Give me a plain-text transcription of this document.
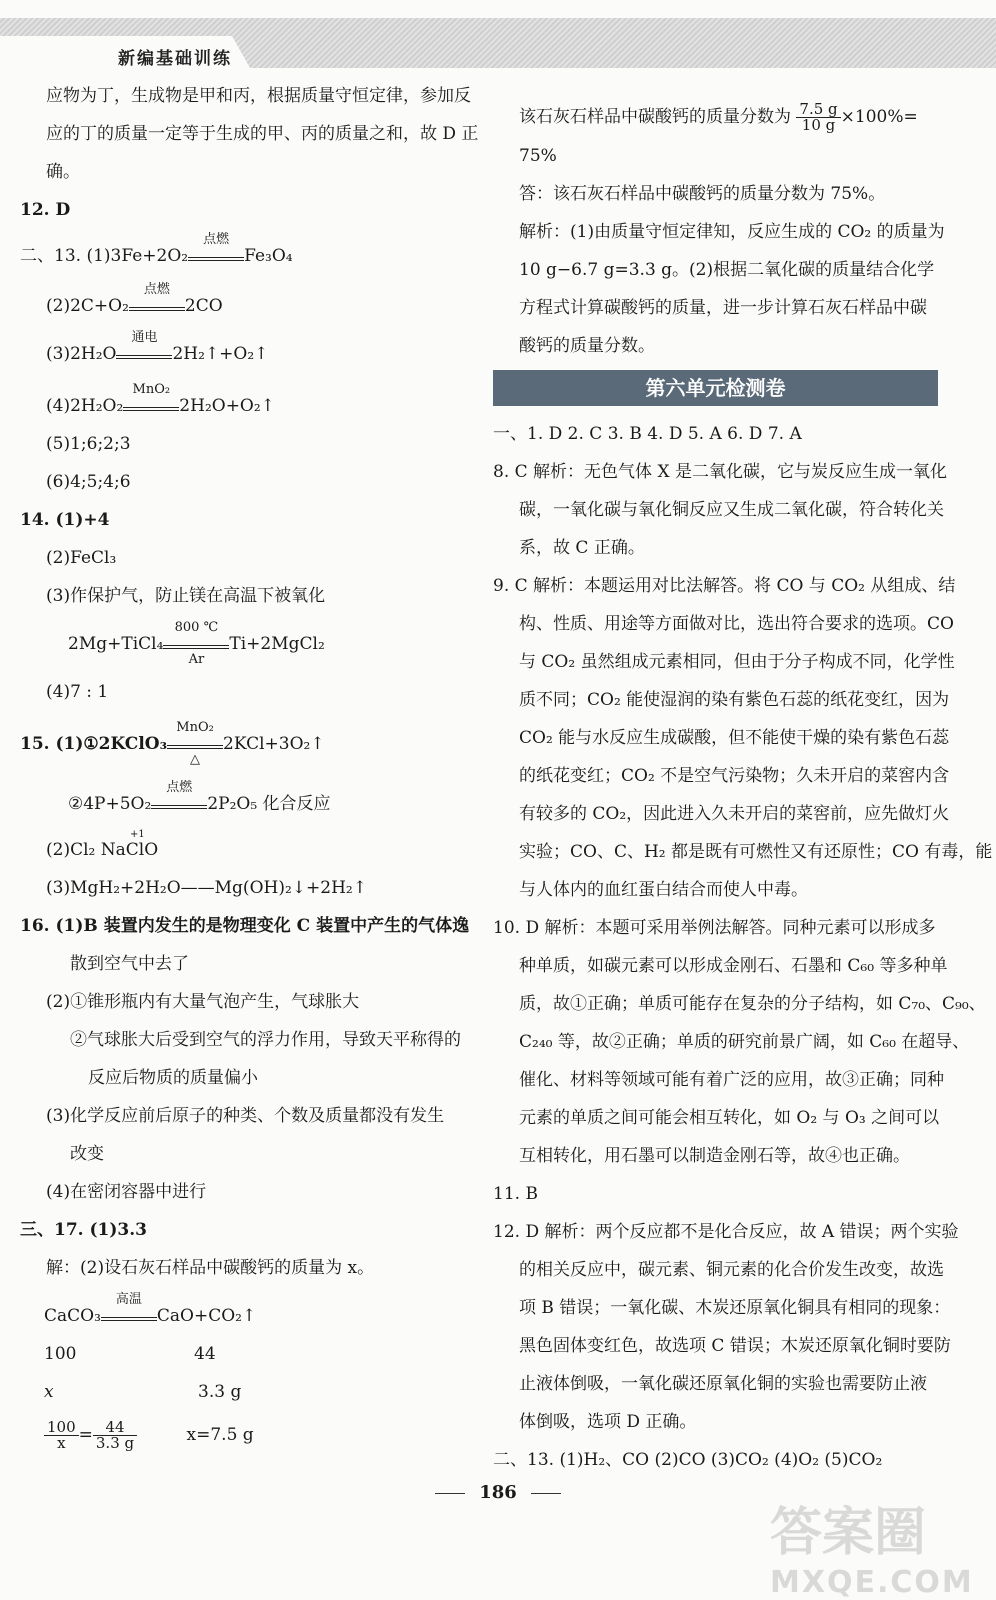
新编基础训练
应物为丁，生成物是甲和丙，根据质量守恒定律，参加反
应的丁的质量一定等于生成的甲、丙的质量之和，故 D 正
确。
12. D
二、13. (1)3Fe+2O₂
点燃
Fe₃O₄
(2)2C+O₂
点燃
2CO
(3)2H₂O
通电
2H₂↑+O₂↑
(4)2H₂O₂
MnO₂
2H₂O+O₂↑
(5)1;6;2;3
(6)4;5;4;6
14. (1)+4
(2)FeCl₃
(3)作保护气，防止镁在高温下被氧化
2Mg+TiCl₄ $\frac{800 ℃}{Ar}$ Ti+2MgCl₂
(4)7 : 1
15. (1)①2KClO₃
MnO₂
△
2KCl+3O₂↑
②4P+5O₂
点燃
2P₂O₅ 化合反应
(2)Cl₂ NaClO
+1
(3)MgH₂+2H₂O——Mg(OH)₂↓+2H₂↑
16. (1)B 装置内发生的是物理变化 C 装置中产生的气体逸
散到空气中去了
(2)①锥形瓶内有大量气泡产生，气球胀大
②气球胀大后受到空气的浮力作用，导致天平称得的
反应后物质的质量偏小
(3)化学反应前后原子的种类、个数及质量都没有发生
改变
(4)在密闭容器中进行
三、17. (1)3.3
解：(2)设石灰石样品中碳酸钙的质量为 x。
CaCO₃
高温
CaO+CO₂↑
100	44
x	3.3 g
$\frac{100}{x} = \frac{44}{3.3 g}$	x=7.5 g
该石灰石样品中碳酸钙的质量分数为 $\frac{7.5 g}{10 g} \times 100\%=$
75%
答：该石灰石样品中碳酸钙的质量分数为 75%。
解析：(1)由质量守恒定律知，反应生成的 CO₂ 的质量为
10 g−6.7 g=3.3 g。(2)根据二氧化碳的质量结合化学
方程式计算碳酸钙的质量，进一步计算石灰石样品中碳
酸钙的质量分数。
第六单元检测卷
一、1. D 2. C 3. B 4. D 5. A 6. D 7. A
8. C 解析：无色气体 X 是二氧化碳，它与炭反应生成一氧化
碳，一氧化碳与氧化铜反应又生成二氧化碳，符合转化关
系，故 C 正确。
9. C 解析：本题运用对比法解答。将 CO 与 CO₂ 从组成、结
构、性质、用途等方面做对比，选出符合要求的选项。CO
与 CO₂ 虽然组成元素相同，但由于分子构成不同，化学性
质不同；CO₂ 能使湿润的染有紫色石蕊的纸花变红，因为
CO₂ 能与水反应生成碳酸，但不能使干燥的染有紫色石蕊
的纸花变红；CO₂ 不是空气污染物；久未开启的菜窖内含
有较多的 CO₂，因此进入久未开启的菜窖前，应先做灯火
实验；CO、C、H₂ 都是既有可燃性又有还原性；CO 有毒，能
与人体内的血红蛋白结合而使人中毒。
10. D 解析：本题可采用举例法解答。同种元素可以形成多
种单质，如碳元素可以形成金刚石、石墨和 C₆₀ 等多种单
质，故①正确；单质可能存在复杂的分子结构，如 C₇₀、C₉₀、
C₂₄₀ 等，故②正确；单质的研究前景广阔，如 C₆₀ 在超导、
催化、材料等领域可能有着广泛的应用，故③正确；同种
元素的单质之间可能会相互转化，如 O₂ 与 O₃ 之间可以
互相转化，用石墨可以制造金刚石等，故④也正确。
11. B
12. D 解析：两个反应都不是化合反应，故 A 错误；两个实验
的相关反应中，碳元素、铜元素的化合价发生改变，故选
项 B 错误；一氧化碳、木炭还原氧化铜具有相同的现象：
黑色固体变红色，故选项 C 错误；木炭还原氧化铜时要防
止液体倒吸，一氧化碳还原氧化铜的实验也需要防止液
体倒吸，选项 D 正确。
二、13. (1)H₂、CO (2)CO (3)CO₂ (4)O₂ (5)CO₂
186
答案圈
MXQE.COM
